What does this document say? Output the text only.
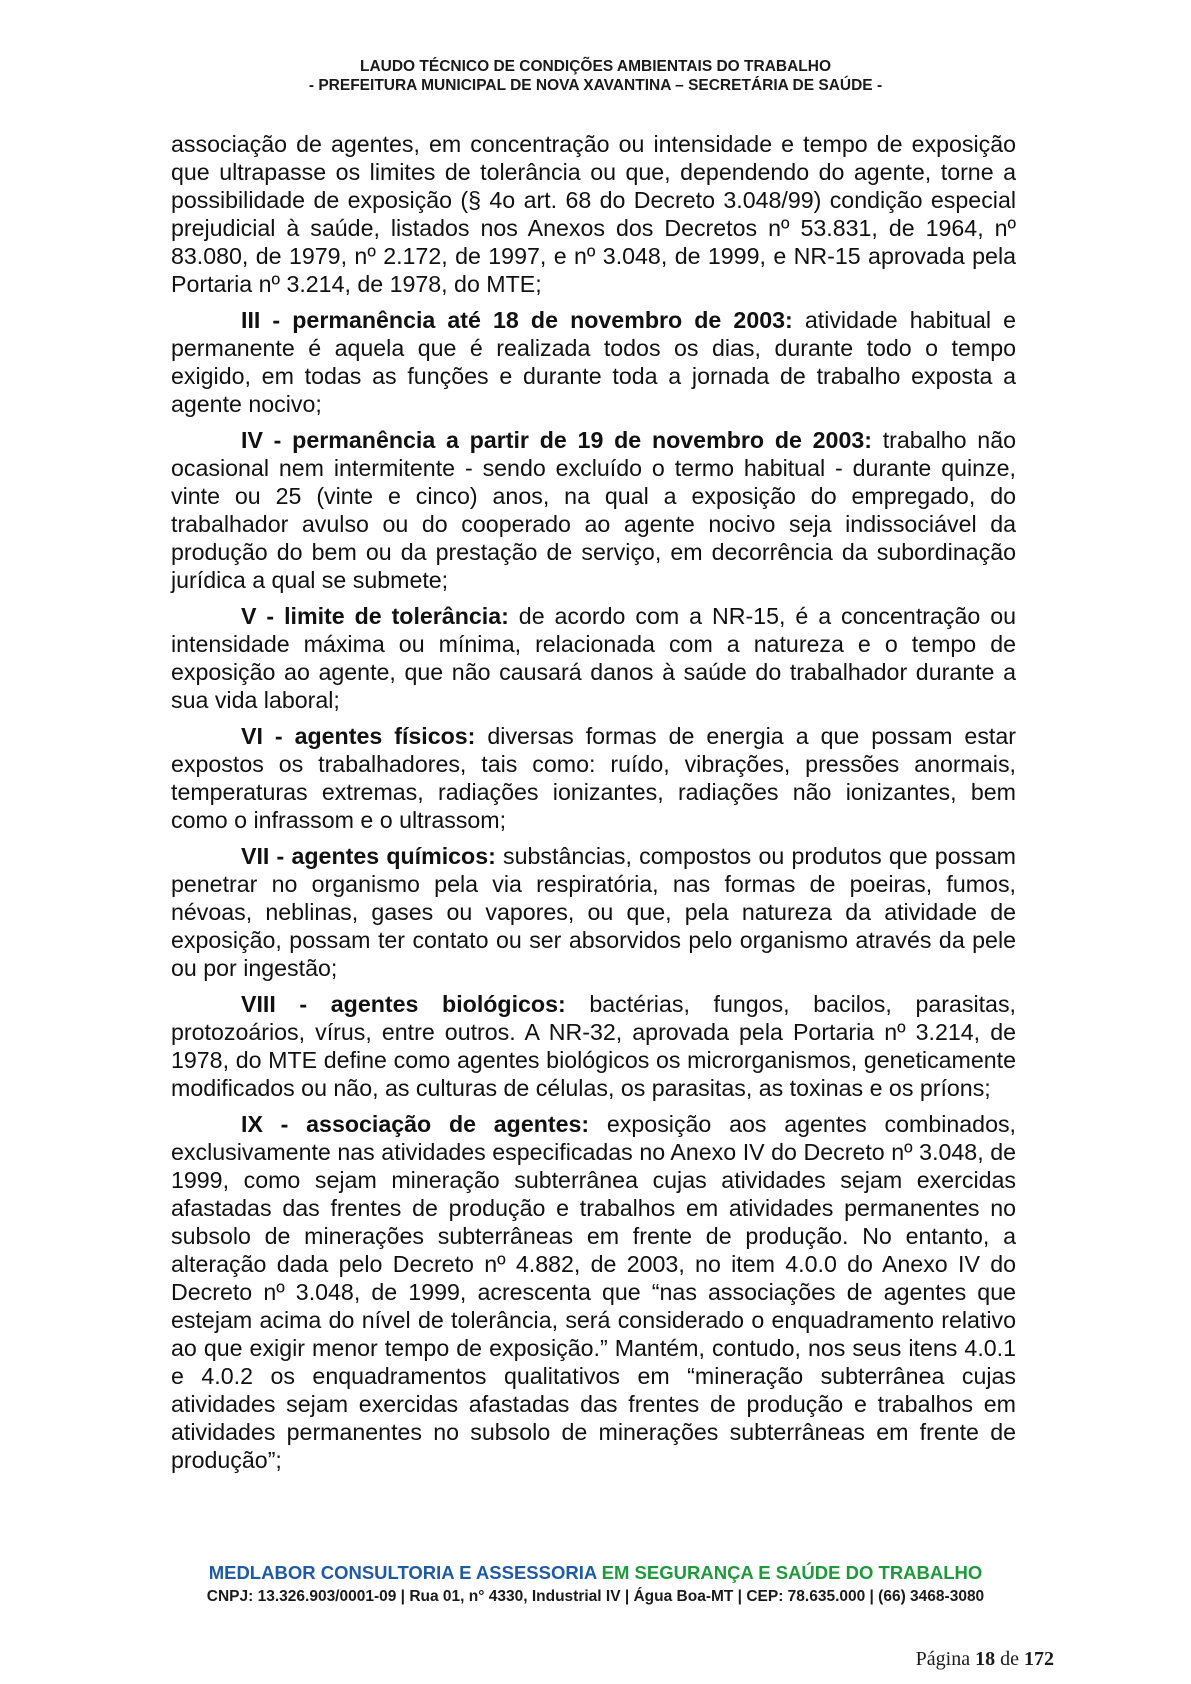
LAUDO TÉCNICO DE CONDIÇÕES AMBIENTAIS DO TRABALHO
- PREFEITURA MUNICIPAL DE NOVA XAVANTINA – SECRETÁRIA DE SAÚDE -

associação de agentes, em concentração ou intensidade e tempo de exposição que ultrapasse os limites de tolerância ou que, dependendo do agente, torne a possibilidade de exposição (§ 4o art. 68 do Decreto 3.048/99) condição especial prejudicial à saúde, listados nos Anexos dos Decretos nº 53.831, de 1964, nº 83.080, de 1979, nº 2.172, de 1997, e nº 3.048, de 1999, e NR-15 aprovada pela Portaria nº 3.214, de 1978, do MTE;

III - permanência até 18 de novembro de 2003: atividade habitual e permanente é aquela que é realizada todos os dias, durante todo o tempo exigido, em todas as funções e durante toda a jornada de trabalho exposta a agente nocivo;

IV - permanência a partir de 19 de novembro de 2003: trabalho não ocasional nem intermitente - sendo excluído o termo habitual - durante quinze, vinte ou 25 (vinte e cinco) anos, na qual a exposição do empregado, do trabalhador avulso ou do cooperado ao agente nocivo seja indissociável da produção do bem ou da prestação de serviço, em decorrência da subordinação jurídica a qual se submete;

V - limite de tolerância: de acordo com a NR-15, é a concentração ou intensidade máxima ou mínima, relacionada com a natureza e o tempo de exposição ao agente, que não causará danos à saúde do trabalhador durante a sua vida laboral;

VI - agentes físicos: diversas formas de energia a que possam estar expostos os trabalhadores, tais como: ruído, vibrações, pressões anormais, temperaturas extremas, radiações ionizantes, radiações não ionizantes, bem como o infrassom e o ultrassom;

VII - agentes químicos: substâncias, compostos ou produtos que possam penetrar no organismo pela via respiratória, nas formas de poeiras, fumos, névoas, neblinas, gases ou vapores, ou que, pela natureza da atividade de exposição, possam ter contato ou ser absorvidos pelo organismo através da pele ou por ingestão;

VIII - agentes biológicos: bactérias, fungos, bacilos, parasitas, protozoários, vírus, entre outros. A NR-32, aprovada pela Portaria nº 3.214, de 1978, do MTE define como agentes biológicos os microrganismos, geneticamente modificados ou não, as culturas de células, os parasitas, as toxinas e os príons;

IX - associação de agentes: exposição aos agentes combinados, exclusivamente nas atividades especificadas no Anexo IV do Decreto nº 3.048, de 1999, como sejam mineração subterrânea cujas atividades sejam exercidas afastadas das frentes de produção e trabalhos em atividades permanentes no subsolo de minerações subterrâneas em frente de produção. No entanto, a alteração dada pelo Decreto nº 4.882, de 2003, no item 4.0.0 do Anexo IV do Decreto nº 3.048, de 1999, acrescenta que “nas associações de agentes que estejam acima do nível de tolerância, será considerado o enquadramento relativo ao que exigir menor tempo de exposição.” Mantém, contudo, nos seus itens 4.0.1 e 4.0.2 os enquadramentos qualitativos em “mineração subterrânea cujas atividades sejam exercidas afastadas das frentes de produção e trabalhos em atividades permanentes no subsolo de minerações subterrâneas em frente de produção”;

MEDLABOR CONSULTORIA E ASSESSORIA EM SEGURANÇA E SAÚDE DO TRABALHO
CNPJ: 13.326.903/0001-09 | Rua 01, n° 4330, Industrial IV | Água Boa-MT | CEP: 78.635.000 | (66) 3468-3080
Página 18 de 172
